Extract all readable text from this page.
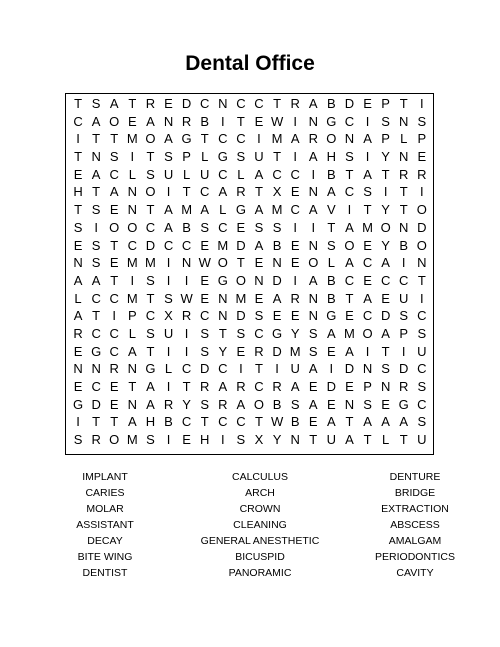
Dental Office
T S A T R E D C N C C T R A B D E P T I
C A O E A N R B I T E W I N G C I S N S
I T T M O A G T C C I M A R O N A P L P
T N S I T S P L G S U T I A H S I Y N E
E A C L S U L U C L A C C I B T A T R R
H T A N O I T C A R T X E N A C S I T I
T S E N T A M A L G A M C A V I T Y T O
S I O O C A B S C E S S I	I T A M O N D
E S T C D C C E M D A B E N S O E Y B O
N S E M M I N W O T E N E O L A C A I N
A A T I S I	I E G O N D I A B C E C C T
L C C M T S W E N M E A R N B T A E U I
A T I P C X R C N D S E E N G E C D S C
R C C L S U I S T S C G Y S A M O A P S
E G C A T I	I S Y E R D M S E A I T I U
N N R N G L C D C I T I U A I D N S D C
E C E T A I T R A R C R A E D E P N R S
G D E N A R Y S R A O B S A E N S E G C
I T T A H B C T C C T W B E A T A A A S
S R O M S I E H I S X Y N T U A T L T U
IMPLANT	CALCULUS	DENTURE
CARIES	ARCH	BRIDGE
MOLAR	CROWN	EXTRACTION
ASSISTANT	CLEANING	ABSCESS
DECAY	GENERAL ANESTHETIC	AMALGAM
BITE WING	BICUSPID	PERIODONTICS
DENTIST	PANORAMIC	CAVITY
